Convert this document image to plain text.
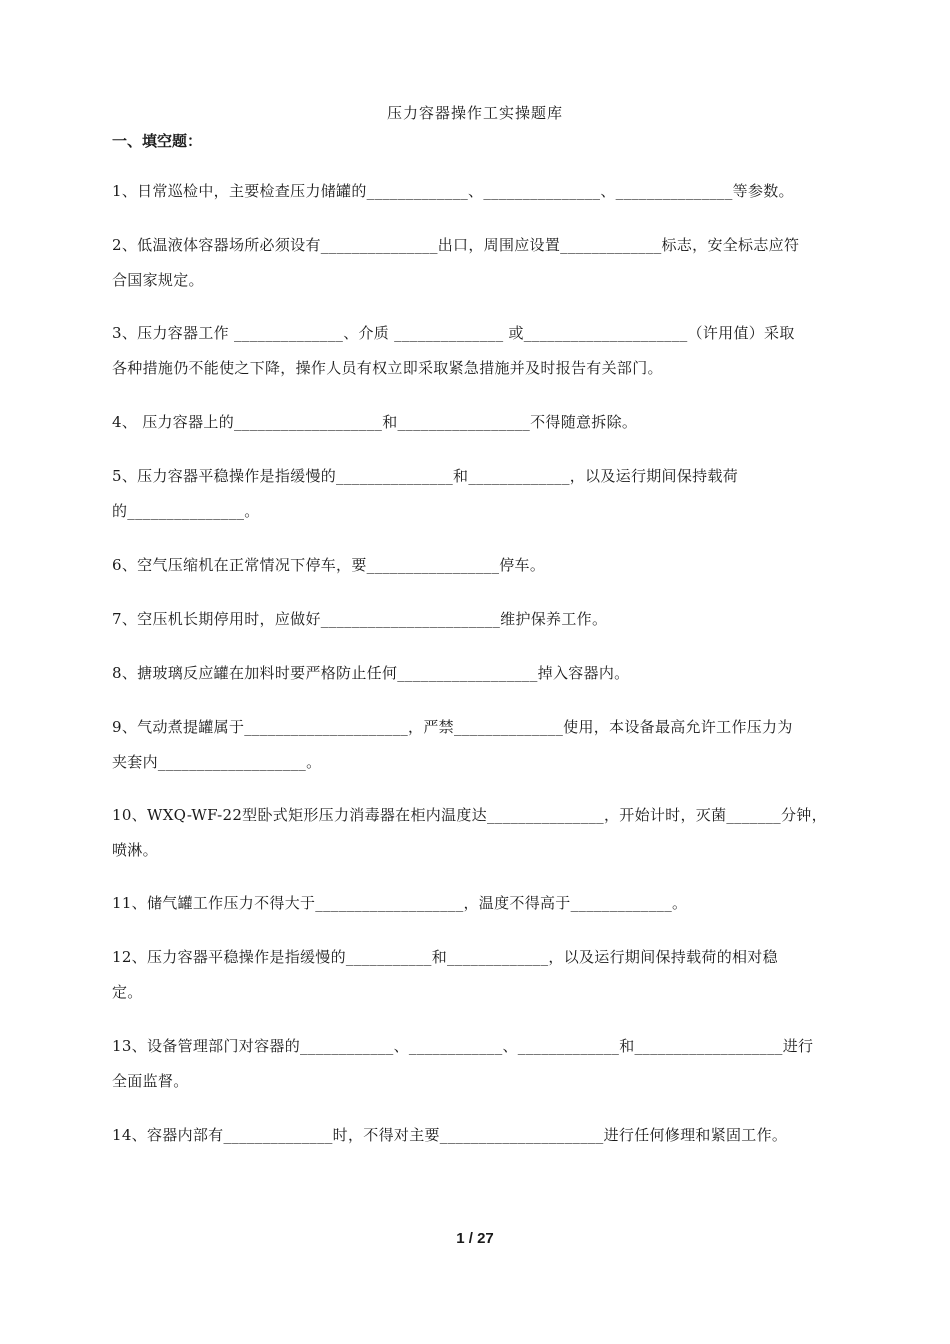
压力容器操作工实操题库
一、填空题：
1、日常巡检中，主要检查压力储罐的_____________、_______________、_______________等参数。
2、低温液体容器场所必须设有_______________出口，周围应设置_____________标志，安全标志应符
合国家规定。
3、压力容器工作 ______________、介质 ______________ 或_____________________（许用值）采取
各种措施仍不能使之下降，操作人员有权立即采取紧急措施并及时报告有关部门。
4、 压力容器上的___________________和_________________不得随意拆除。
5、压力容器平稳操作是指缓慢的_______________和_____________，以及运行期间保持载荷
的_______________。
6、空气压缩机在正常情况下停车，要_________________停车。
7、空压机长期停用时，应做好_______________________维护保养工作。
8、搪玻璃反应罐在加料时要严格防止任何__________________掉入容器内。
9、气动煮提罐属于_____________________，严禁______________使用，本设备最高允许工作压力为
夹套内___________________。
10、WXQ-WF-22型卧式矩形压力消毒器在柜内温度达_______________，开始计时，灭菌_______分钟，
喷淋。
11、储气罐工作压力不得大于___________________，温度不得高于_____________。
12、压力容器平稳操作是指缓慢的___________和_____________，以及运行期间保持载荷的相对稳
定。
13、设备管理部门对容器的____________、____________、_____________和___________________进行
全面监督。
14、容器内部有______________时，不得对主要_____________________进行任何修理和紧固工作。
1 / 27
